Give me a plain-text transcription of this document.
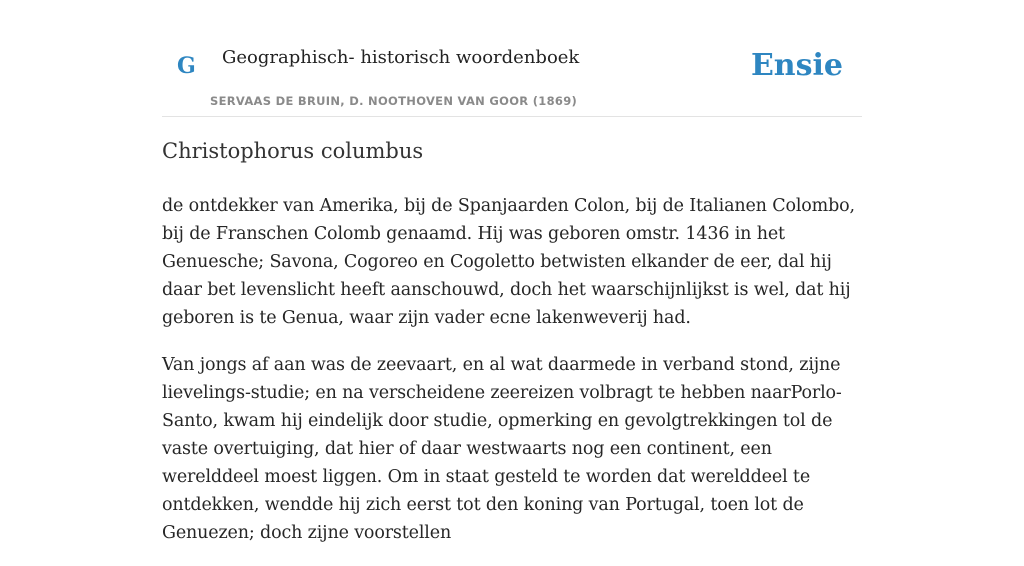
G Geographisch- historisch woordenboek
SERVAAS DE BRUIN, D. NOOTHOVEN VAN GOOR (1869)
Ensie
Christophorus columbus

de ontdekker van Amerika, bij de Spanjaarden Colon, bij de Italianen Colombo, bij de Franschen Colomb genaamd. Hij was geboren omstr. 1436 in het Genuesche; Savona, Cogoreo en Cogoletto betwisten elkander de eer, dal hij daar bet levenslicht heeft aanschouwd, doch het waarschijnlijkst is wel, dat hij geboren is te Genua, waar zijn vader ecne lakenweverij had.

Van jongs af aan was de zeevaart, en al wat daarmede in verband stond, zijne lievelings-studie; en na verscheidene zeereizen volbragt te hebben naarPorlo-Santo, kwam hij eindelijk door studie, opmerking en gevolgtrekkingen tol de vaste overtuiging, dat hier of daar westwaarts nog een continent, een werelddeel moest liggen. Om in staat gesteld te worden dat werelddeel te ontdekken, wendde hij zich eerst tot den koning van Portugal, toen lot de Genuezen; doch zijne voorstellen
